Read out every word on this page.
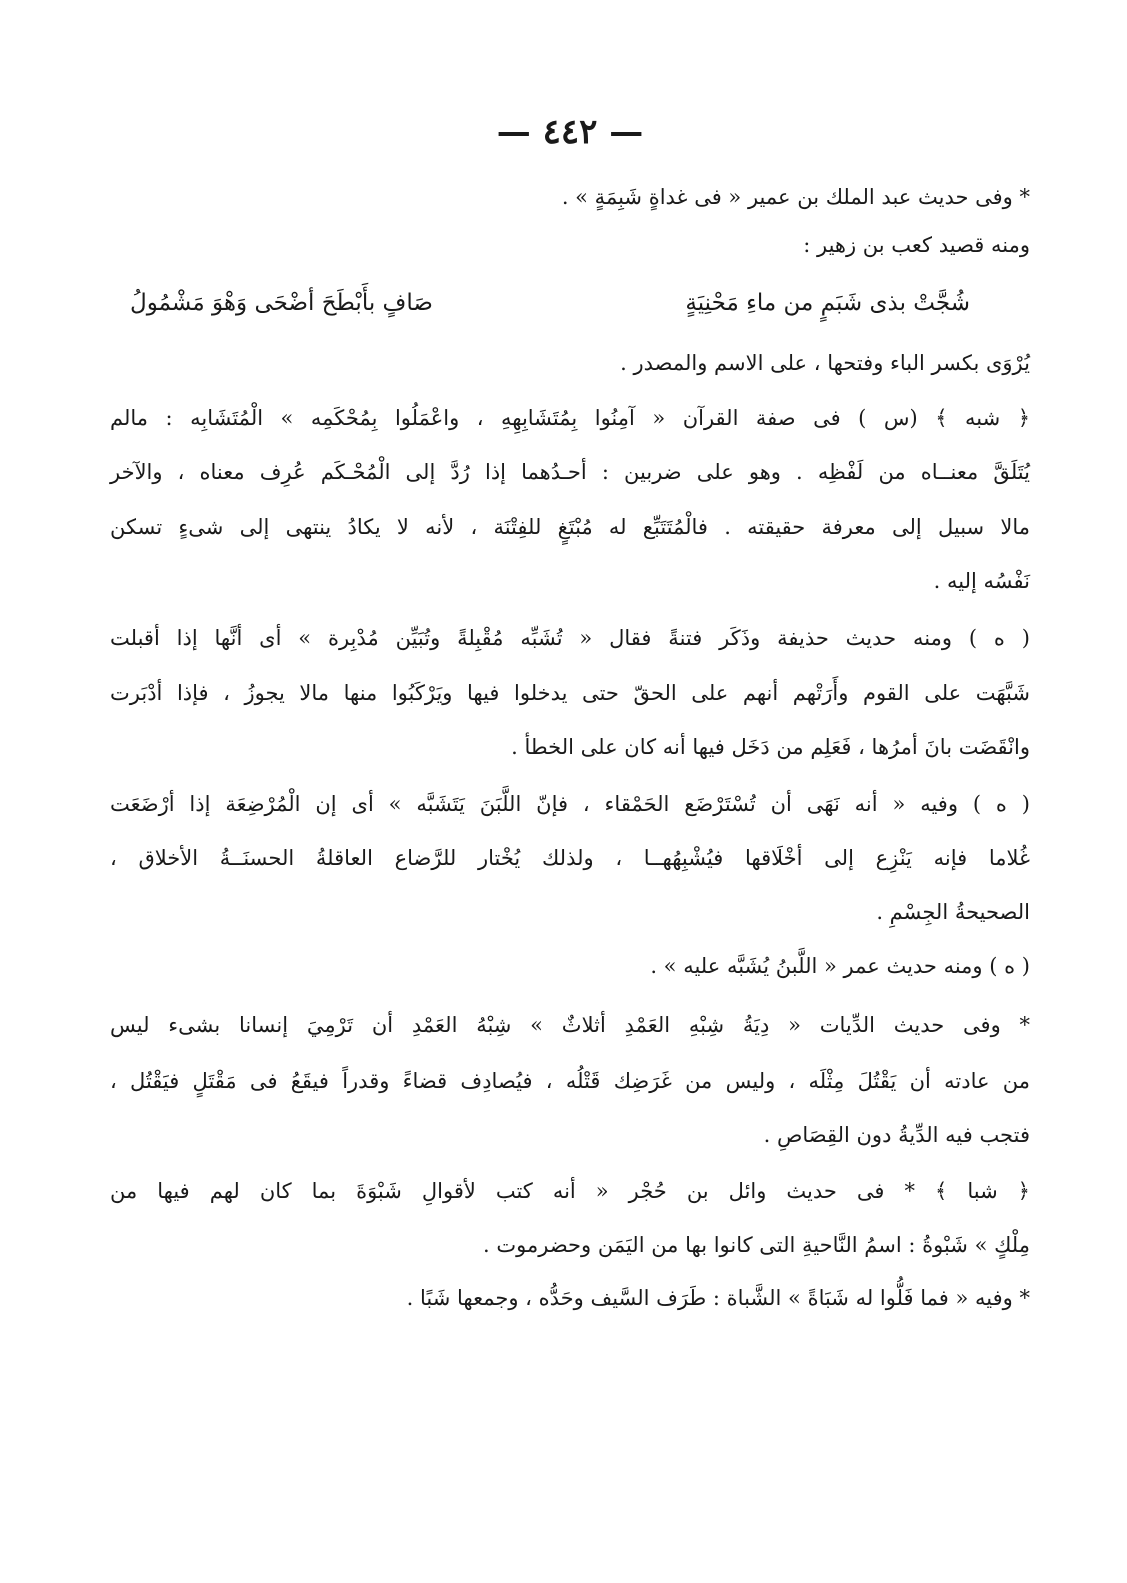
— ٤٤٢ —
* وفى حديث عبد الملك بن عمير « فى غداةٍ شَبِمَةٍ » .
ومنه قصيد كعب بن زهير :
شُجَّتْ بذى شَبَمٍ من ماءِ مَحْنِيَةٍ
صَافٍ بأَبْطَحَ أضْحَى وَهْوَ مَشْمُولُ
يُرْوَى بكسر الباء وفتحها ، على الاسم والمصدر .
﴿ شبه ﴾ (س ) فى صفة القرآن « آمِنُوا بِمُتَشَابِهِهِ ، واعْمَلُوا بِمُحْكَمِه » الْمُتَشَابِه : مالم
يُتَلَقَّ معنــاه من لَفْظِه . وهو على ضربين : أحـدُهما إذا رُدَّ إلى الْمُحْـكَم عُرِف معناه ، والآخر
مالا سبيل إلى معرفة حقيقته . فالْمُتَتَبِّع له مُبْتَغٍ للفِتْنَة ، لأنه لا يكادُ ينتهى إلى شىءٍ تسكن
نَفْسُه إليه .
( ه ) ومنه حديث حذيفة وذَكَر فتنةً فقال « تُشَبِّه مُقْبِلةً وتُبَيِّن مُدْبِرة » أى أنَّها إذا أقبلت
شَبَّهَت على القوم وأَرَتْهم أنهم على الحقّ حتى يدخلوا فيها ويَرْكَبُوا منها مالا يجوزُ ، فإذا أدْبَرت
وانْقَضَت بانَ أمرُها ، فَعَلِم من دَخَل فيها أنه كان على الخطأ .
( ه ) وفيه « أنه نَهَى أن تُسْتَرْضَع الحَمْقاء ، فإنّ اللَّبَنَ يَتَشَبَّه » أى إن الْمُرْضِعَة إذا أرْضَعَت
غُلاما فإنه يَنْزِع إلى أخْلَاقها فيُشْبِهُهــا ، ولذلك يُخْتار للرَّضاع العاقلةُ الحسنَــةُ الأخلاق ،
الصحيحةُ الجِسْمِ .
( ه ) ومنه حديث عمر « اللَّبنُ يُشَبَّه عليه » .
* وفى حديث الدِّيات « دِيَةُ شِبْهِ العَمْدِ أثلاثٌ » شِبْهُ العَمْدِ أن تَرْمِيَ إنسانا بشىء ليس
من عادته أن يَقْتُلَ مِثْلَه ، وليس من غَرَضِك قَتْلُه ، فيُصادِف قضاءً وقدراً فيقَعُ فى مَقْتَلٍ فيَقْتُل ،
فتجب فيه الدِّيةُ دون القِصَاصِ .
﴿ شبا ﴾ * فى حديث وائل بن حُجْر « أنه كتب لأقوالِ شَبْوَةَ بما كان لهم فيها من
مِلْكٍ » شَبْوةُ : اسمُ النَّاحيةِ التى كانوا بها من اليَمَن وحضرموت .
* وفيه « فما فَلُّوا له شَبَاةً » الشَّباة : طَرَف السَّيف وحَدُّه ، وجمعها شَبًا .
